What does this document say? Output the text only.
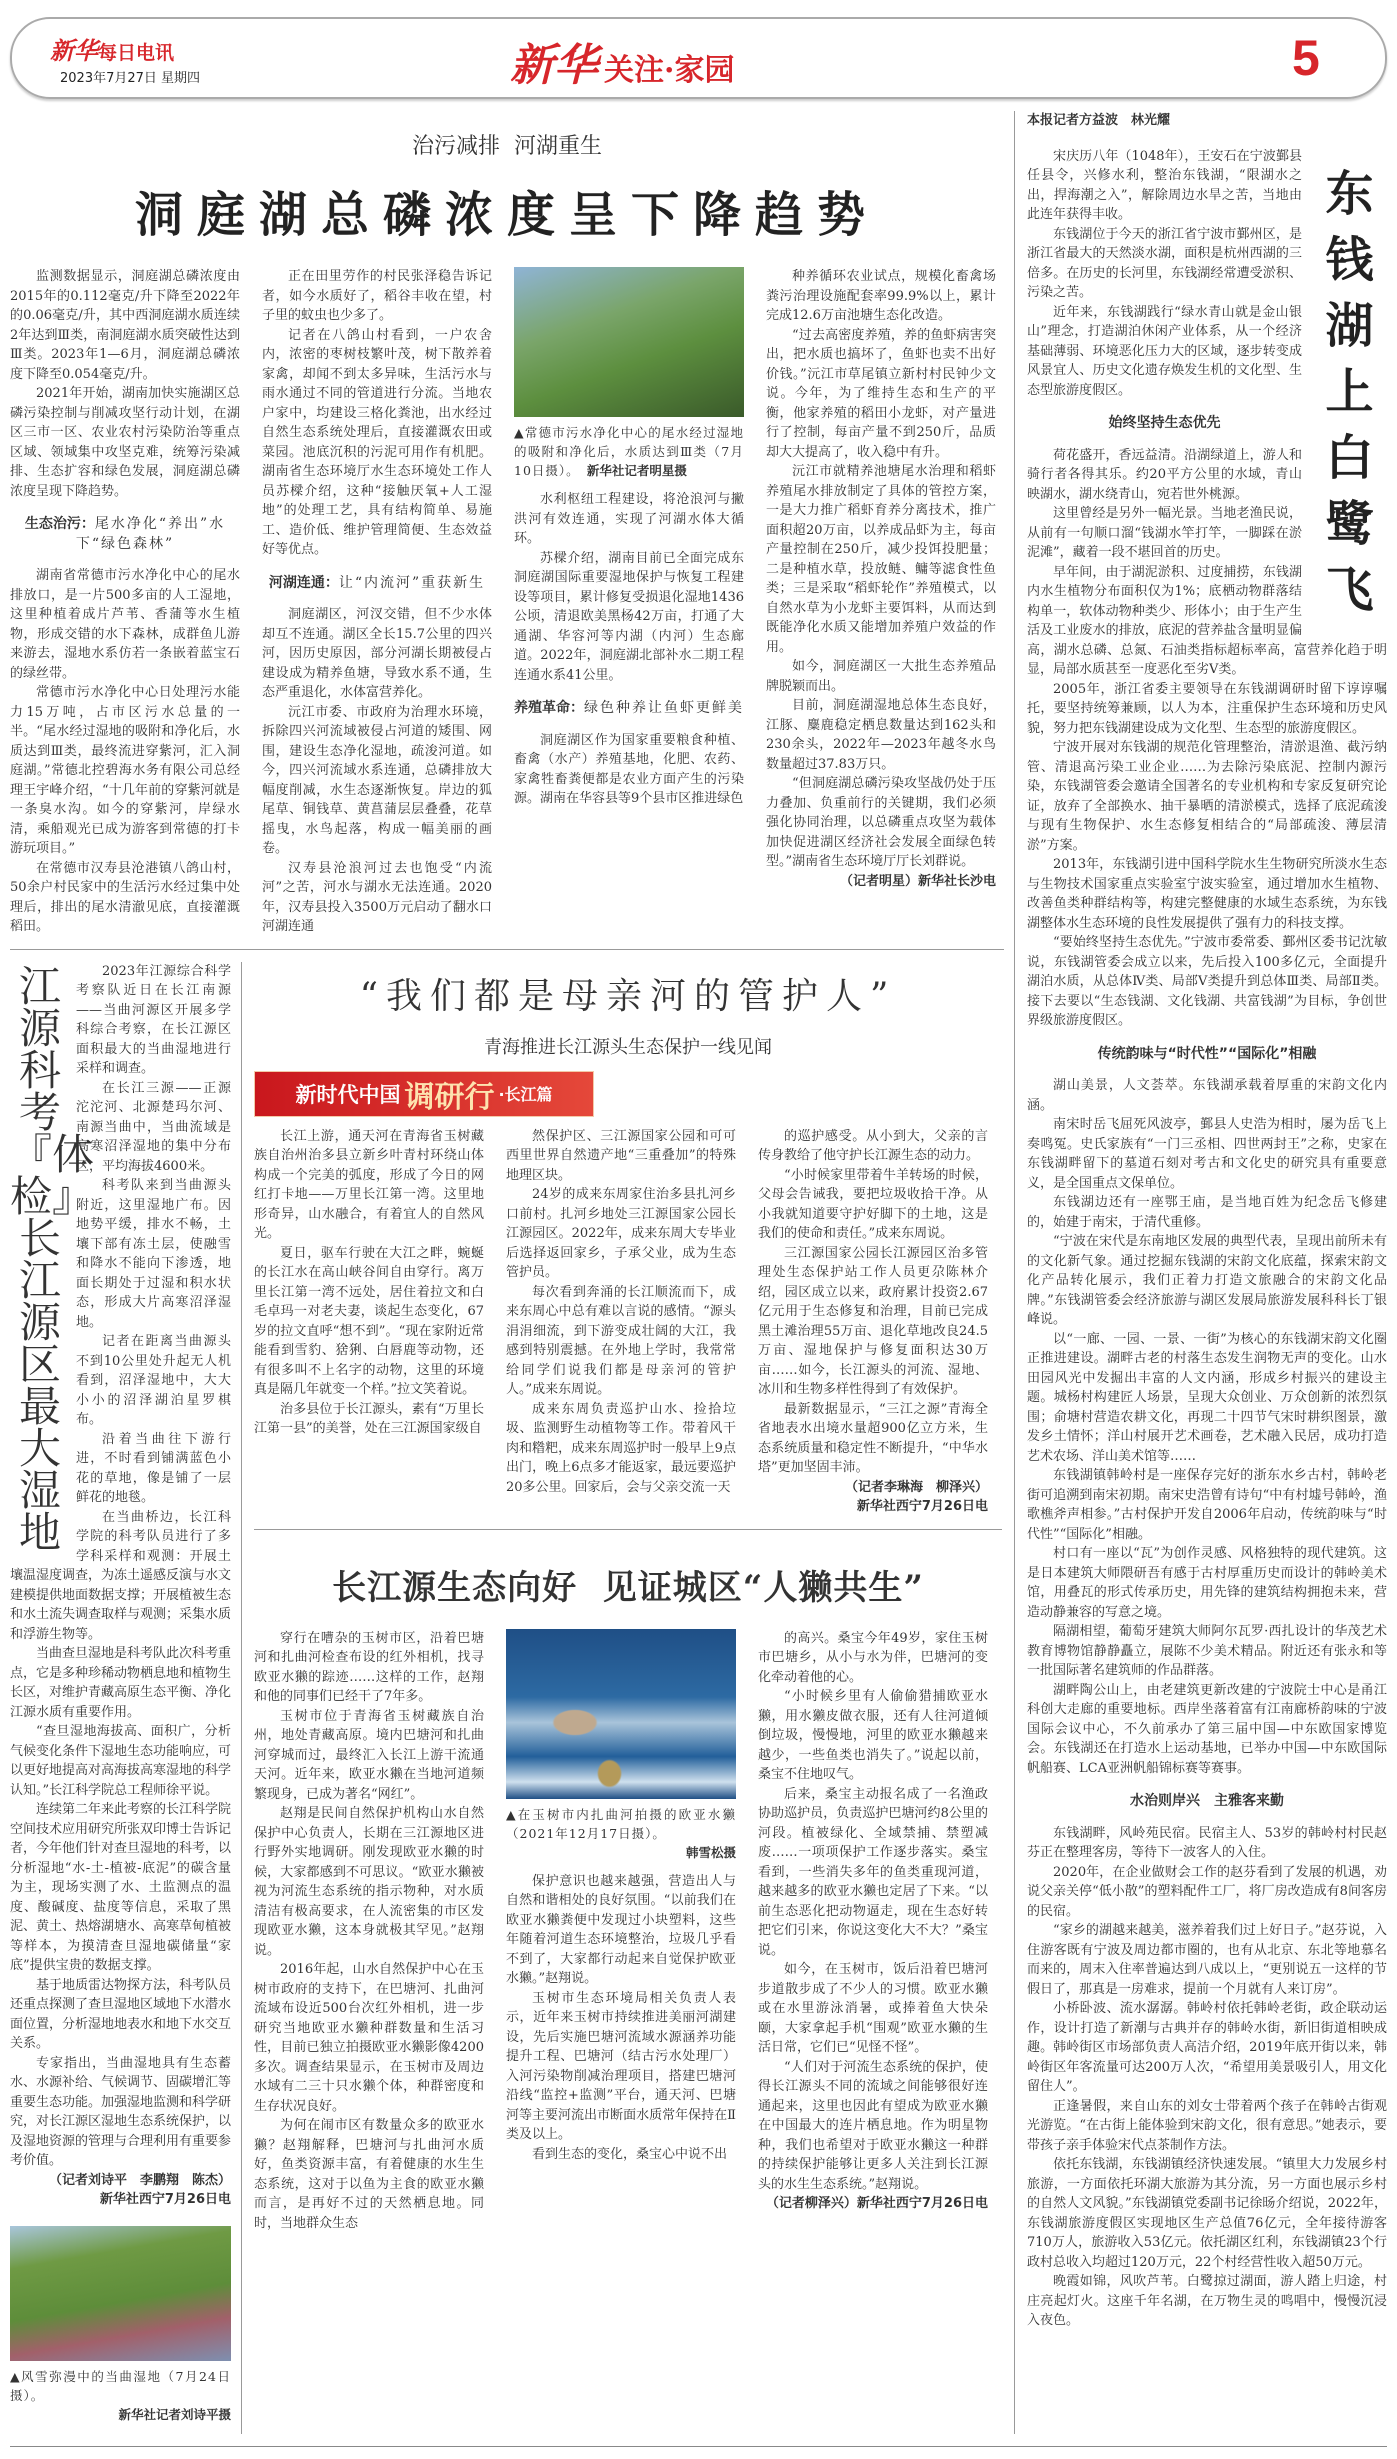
新华每日电讯
2023年7月27日 星期四	新华 关注·家园	5
治污减排  河湖重生
洞庭湖总磷浓度呈下降趋势

监测数据显示，洞庭湖总磷浓度由2015年的0.112毫克/升下降至2022年的0.06毫克/升，其中西洞庭湖水质连续2年达到Ⅲ类，南洞庭湖水质突破性达到Ⅲ类。2023年1—6月，洞庭湖总磷浓度下降至0.054毫克/升。

2021年开始，湖南加快实施湖区总磷污染控制与削减攻坚行动计划，在湖区三市一区、农业农村污染防治等重点区域、领域集中攻坚克难，统筹污染减排、生态扩容和绿色发展，洞庭湖总磷浓度呈现下降趋势。

生态治污：尾水净化“养出”水下“绿色森林”

湖南省常德市污水净化中心的尾水排放口，是一片500多亩的人工湿地，这里种植着成片芦苇、香蒲等水生植物，形成交错的水下森林，成群鱼儿游来游去，湿地水系仿若一条嵌着蓝宝石的绿丝带。

常德市污水净化中心日处理污水能力15万吨，占市区污水总量的一半。“尾水经过湿地的吸附和净化后，水质达到Ⅲ类，最终流进穿紫河，汇入洞庭湖。”常德北控碧海水务有限公司总经理王宇峰介绍，“十几年前的穿紫河就是一条臭水沟。如今的穿紫河，岸绿水清，乘船观光已成为游客到常德的打卡游玩项目。”

在常德市汉寿县沧港镇八鸽山村，50余户村民家中的生活污水经过集中处理后，排出的尾水清澈见底，直接灌溉稻田。

正在田里劳作的村民张泽稳告诉记者，如今水质好了，稻谷丰收在望，村子里的蚊虫也少多了。

记者在八鸽山村看到，一户农舍内，浓密的枣树枝繁叶茂，树下散养着家禽，却闻不到太多异味，生活污水与雨水通过不同的管道进行分流。当地农户家中，均建设三格化粪池，出水经过自然生态系统处理后，直接灌溉农田或菜园。池底沉积的污泥可用作有机肥。湖南省生态环境厅水生态环境处工作人员苏樑介绍，这种“接触厌氧+人工湿地”的处理工艺，具有结构简单、易施工、造价低、维护管理简便、生态效益好等优点。

河湖连通：让“内流河”重获新生

洞庭湖区，河汊交错，但不少水体却互不连通。湖区全长15.7公里的四兴河，因历史原因，部分河湖长期被侵占建设成为精养鱼塘，导致水系不通，生态严重退化，水体富营养化。

沅江市委、市政府为治理水环境，拆除四兴河流域被侵占河道的矮围、网围，建设生态净化湿地，疏浚河道。如今，四兴河流域水系连通，总磷排放大幅度削减，水生态逐渐恢复。岸边的狐尾草、铜钱草、黄菖蒲层层叠叠，花草摇曳，水鸟起落，构成一幅美丽的画卷。

汉寿县沧浪河过去也饱受“内流河”之苦，河水与湖水无法连通。2020年，汉寿县投入3500万元启动了翻水口河湖连通

▲常德市污水净化中心的尾水经过湿地的吸附和净化后，水质达到Ⅲ类（7月10日摄）。　 新华社记者明星摄

水利枢纽工程建设，将沧浪河与撇洪河有效连通，实现了河湖水体大循环。

苏樑介绍，湖南目前已全面完成东洞庭湖国际重要湿地保护与恢复工程建设等项目，累计修复受损退化湿地1436公顷，清退欧美黑杨42万亩，打通了大通湖、华容河等内湖（内河）生态廊道。2022年，洞庭湖北部补水二期工程连通水系41公里。

养殖革命：绿色种养让鱼虾更鲜美

洞庭湖区作为国家重要粮食种植、畜禽（水产）养殖基地，化肥、农药、家禽牲畜粪便都是农业方面产生的污染源。湖南在华容县等9个县市区推进绿色

种养循环农业试点，规模化畜禽场粪污治理设施配套率99.9%以上，累计完成12.6万亩池塘生态化改造。

“过去高密度养殖，养的鱼虾病害突出，把水质也搞坏了，鱼虾也卖不出好价钱。”沅江市草尾镇立新村村民钟少文说。今年，为了维持生态和生产的平衡，他家养殖的稻田小龙虾，对产量进行了控制，每亩产量不到250斤，品质却大大提高了，收入稳中有升。

沅江市就精养池塘尾水治理和稻虾养殖尾水排放制定了具体的管控方案，一是大力推广稻虾育养分离技术，推广面积超20万亩，以养成品虾为主，每亩产量控制在250斤，减少投饵投肥量；二是种植水草，投放鲢、鳙等滤食性鱼类；三是采取“稻虾轮作”养殖模式，以自然水草为小龙虾主要饵料，从而达到既能净化水质又能增加养殖户效益的作用。

如今，洞庭湖区一大批生态养殖品牌脱颖而出。

目前，洞庭湖湿地总体生态良好，江豚、麋鹿稳定栖息数量达到162头和230余头，2022年—2023年越冬水鸟数量超过37.83万只。

“但洞庭湖总磷污染攻坚战仍处于压力叠加、负重前行的关键期，我们必须强化协同治理，以总磷重点攻坚为载体加快促进湖区经济社会发展全面绿色转型。”湖南省生态环境厅厅长刘群说。

（记者明星）新华社长沙电
江源科考『体检』长江源区最大湿地

2023年江源综合科学考察队近日在长江南源——当曲河源区开展多学科综合考察，在长江源区面积最大的当曲湿地进行采样和调查。

在长江三源——正源沱沱河、北源楚玛尔河、南源当曲中，当曲流域是高寒沼泽湿地的集中分布区，平均海拔4600米。

科考队来到当曲源头附近，这里湿地广布。因地势平缓，排水不畅，土壤下部有冻土层，使融雪和降水不能向下渗透，地面长期处于过湿和积水状态，形成大片高寒沼泽湿地。

记者在距离当曲源头不到10公里处升起无人机看到，沼泽湿地中，大大小小的沼泽湖泊星罗棋布。

沿着当曲往下游行进，不时看到铺满蓝色小花的草地，像是铺了一层鲜花的地毯。

在当曲桥边，长江科学院的科考队员进行了多学科采样和观测：开展土壤温湿度调查，为冻土遥感反演与水文建模提供地面数据支撑；开展植被生态和水土流失调查取样与观测；采集水质和浮游生物等。

当曲查旦湿地是科考队此次科考重点，它是多种珍稀动物栖息地和植物生长区，对维护青藏高原生态平衡、净化江源水质有重要作用。

“查旦湿地海拔高、面积广，分析气候变化条件下湿地生态功能响应，可以更好地提高对高海拔高寒湿地的科学认知。”长江科学院总工程师徐平说。

连续第二年来此考察的长江科学院空间技术应用研究所张双印博士告诉记者，今年他们针对查旦湿地的科考，以分析湿地“水-土-植被-底泥”的碳含量为主，现场实测了水、土监测点的温度、酸碱度、盐度等信息，采取了黑泥、黄土、热熔湖塘水、高寒草甸植被等样本，为摸清查旦湿地碳储量“家底”提供宝贵的数据支撑。

基于地质雷达物探方法，科考队员还重点探测了查旦湿地区域地下水潜水面位置，分析湿地地表水和地下水交互关系。

专家指出，当曲湿地具有生态蓄水、水源补给、气候调节、固碳增汇等重要生态功能。加强湿地监测和科学研究，对长江源区湿地生态系统保护，以及湿地资源的管理与合理利用有重要参考价值。

（记者刘诗平　李鹏翔　陈杰）
新华社西宁7月26日电
▲风雪弥漫中的当曲湿地（7月24日摄）。
新华社记者刘诗平摄
“我们都是母亲河的管护人”
青海推进长江源头生态保护一线见闻
新时代中国 调研行 ·长江篇

长江上游，通天河在青海省玉树藏族自治州治多县立新乡叶青村环绕山体构成一个完美的弧度，形成了今日的网红打卡地——万里长江第一湾。这里地形奇异，山水融合，有着宜人的自然风光。

夏日，驱车行驶在大江之畔，蜿蜒的长江水在高山峡谷间自由穿行。离万里长江第一湾不远处，居住着拉文和白毛卓玛一对老夫妻，谈起生态变化，67岁的拉文直呼“想不到”。“现在家附近常能看到雪豹、猞猁、白唇鹿等动物，还有很多叫不上名字的动物，这里的环境真是隔几年就变一个样。”拉文笑着说。

治多县位于长江源头，素有“万里长江第一县”的美誉，处在三江源国家级自

然保护区、三江源国家公园和可可西里世界自然遗产地“三重叠加”的特殊地理区块。

24岁的成来东周家住治多县扎河乡口前村。扎河乡地处三江源国家公园长江源园区。2022年，成来东周大专毕业后选择返回家乡，子承父业，成为生态管护员。

每次看到奔涌的长江顺流而下，成来东周心中总有难以言说的感情。“源头涓涓细流，到下游变成壮阔的大江，我感到特别震撼。在外地上学时，我常常给同学们说我们都是母亲河的管护人。”成来东周说。

成来东周负责巡护山水、捡拾垃圾、监测野生动植物等工作。带着风干肉和糌粑，成来东周巡护时一般早上9点出门，晚上6点多才能返家，最远要巡护20多公里。回家后，会与父亲交流一天

的巡护感受。从小到大，父亲的言传身教给了他守护长江源生态的动力。

“小时候家里带着牛羊转场的时候，父母会告诫我，要把垃圾收拾干净。从小我就知道要守护好脚下的土地，这是我们的使命和责任。”成来东周说。

三江源国家公园长江源园区治多管理处生态保护站工作人员更尕陈林介绍，园区成立以来，政府累计投资2.67亿元用于生态修复和治理，目前已完成黑土滩治理55万亩、退化草地改良24.5万亩、湿地保护与修复面积达30万亩……如今，长江源头的河流、湿地、冰川和生物多样性得到了有效保护。

最新数据显示，“三江之源”青海全省地表水出境水量超900亿立方米，生态系统质量和稳定性不断提升，“中华水塔”更加坚固丰沛。

（记者李琳海　柳泽兴）
新华社西宁7月26日电
长江源生态向好  见证城区“人獭共生”

穿行在嘈杂的玉树市区，沿着巴塘河和扎曲河检查布设的红外相机，找寻欧亚水獭的踪迹……这样的工作，赵翔和他的同事们已经干了7年多。

玉树市位于青海省玉树藏族自治州，地处青藏高原。境内巴塘河和扎曲河穿城而过，最终汇入长江上游干流通天河。近年来，欧亚水獭在当地河道频繁现身，已成为著名“网红”。

赵翔是民间自然保护机构山水自然保护中心负责人，长期在三江源地区进行野外实地调研。刚发现欧亚水獭的时候，大家都感到不可思议。“欧亚水獭被视为河流生态系统的指示物种，对水质清洁有极高要求，在人流密集的市区发现欧亚水獭，这本身就极其罕见。”赵翔说。

2016年起，山水自然保护中心在玉树市政府的支持下，在巴塘河、扎曲河流域布设近500台次红外相机，进一步研究当地欧亚水獭种群数量和生活习性，目前已独立拍摄欧亚水獭影像4200多次。调查结果显示，在玉树市及周边水域有二三十只水獭个体，种群密度和生存状况良好。

为何在闹市区有数量众多的欧亚水獭？赵翔解释，巴塘河与扎曲河水质好，鱼类资源丰富，有着健康的水生生态系统，这对于以鱼为主食的欧亚水獭而言，是再好不过的天然栖息地。同时，当地群众生态

▲在玉树市内扎曲河拍摄的欧亚水獭（2021年12月17日摄）。
韩雪松摄

保护意识也越来越强，营造出人与自然和谐相处的良好氛围。“以前我们在欧亚水獭粪便中发现过小块塑料，这些年随着河道生态环境整治，垃圾几乎看不到了，大家都行动起来自觉保护欧亚水獭。”赵翔说。

玉树市生态环境局相关负责人表示，近年来玉树市持续推进美丽河湖建设，先后实施巴塘河流域水源涵养功能提升工程、巴塘河（结古污水处理厂）入河污染物削减治理项目，搭建巴塘河沿线“监控+监测”平台，通天河、巴塘河等主要河流出市断面水质常年保持在Ⅱ类及以上。

看到生态的变化，桑宝心中说不出

的高兴。桑宝今年49岁，家住玉树市巴塘乡，从小与水为伴，巴塘河的变化牵动着他的心。

“小时候乡里有人偷偷猎捕欧亚水獭，用水獭皮做衣服，还有人往河道倾倒垃圾，慢慢地，河里的欧亚水獭越来越少，一些鱼类也消失了。”说起以前，桑宝不住地叹气。

后来，桑宝主动报名成了一名渔政协助巡护员，负责巡护巴塘河约8公里的河段。植被绿化、全域禁捕、禁塑减废……一项项保护工作逐步落实。桑宝看到，一些消失多年的鱼类重现河道，越来越多的欧亚水獭也定居了下来。“以前生态恶化把动物逼走，现在生态好转把它们引来，你说这变化大不大？”桑宝说。

如今，在玉树市，饭后沿着巴塘河步道散步成了不少人的习惯。欧亚水獭或在水里游泳消暑，或捧着鱼大快朵颐，大家拿起手机“围观”欧亚水獭的生活日常，它们已“见怪不怪”。

“人们对于河流生态系统的保护，使得长江源头不同的流域之间能够很好连通起来，这里也因此有望成为欧亚水獭在中国最大的连片栖息地。作为明星物种，我们也希望对于欧亚水獭这一种群的持续保护能够让更多人关注到长江源头的水生生态系统。”赵翔说。

（记者柳泽兴）新华社西宁7月26日电
本报记者方益波　林光耀
东钱湖上白鹭飞

宋庆历八年（1048年），王安石在宁波鄞县任县令，兴修水利，整治东钱湖，“限湖水之出，捍海潮之入”，解除周边水旱之苦，当地由此连年获得丰收。

东钱湖位于今天的浙江省宁波市鄞州区，是浙江省最大的天然淡水湖，面积是杭州西湖的三倍多。在历史的长河里，东钱湖经常遭受淤积、污染之苦。

近年来，东钱湖践行“绿水青山就是金山银山”理念，打造湖泊休闲产业体系，从一个经济基础薄弱、环境恶化压力大的区域，逐步转变成风景宜人、历史文化遗存焕发生机的文化型、生态型旅游度假区。

始终坚持生态优先

荷花盛开，香远益清。沿湖绿道上，游人和骑行者各得其乐。约20平方公里的水域，青山映湖水，湖水绕青山，宛若世外桃源。

这里曾经是另外一幅光景。当地老渔民说，从前有一句顺口溜“钱湖水竿打竿，一脚踩在淤泥滩”，藏着一段不堪回首的历史。

早年间，由于湖泥淤积、过度捕捞，东钱湖内水生植物分布面积仅为1%；底栖动物群落结构单一，软体动物种类少、形体小；由于生产生活及工业废水的排放，底泥的营养盐含量明显偏高，湖水总磷、总氮、石油类指标超标率高，富营养化趋于明显，局部水质甚至一度恶化至劣Ⅴ类。

2005年，浙江省委主要领导在东钱湖调研时留下谆谆嘱托，要坚持统筹兼顾，以人为本，注重保护生态环境和历史风貌，努力把东钱湖建设成为文化型、生态型的旅游度假区。

宁波开展对东钱湖的规范化管理整治，清淤退渔、截污纳管、清退高污染工业企业……为去除污染底泥、控制内源污染，东钱湖管委会邀请全国著名的专业机构和专家反复研究论证，放弃了全部换水、抽干暴晒的清淤模式，选择了底泥疏浚与现有生物保护、水生态修复相结合的“局部疏浚、薄层清淤”方案。

2013年，东钱湖引进中国科学院水生生物研究所淡水生态与生物技术国家重点实验室宁波实验室，通过增加水生植物、改善鱼类种群结构等，构建完整健康的水域生态系统，为东钱湖整体水生态环境的良性发展提供了强有力的科技支撑。

“要始终坚持生态优先。”宁波市委常委、鄞州区委书记沈敏说，东钱湖管委会成立以来，先后投入100多亿元，全面提升湖泊水质，从总体Ⅳ类、局部Ⅴ类提升到总体Ⅲ类、局部Ⅱ类。接下去要以“生态钱湖、文化钱湖、共富钱湖”为目标，争创世界级旅游度假区。

传统韵味与“时代性”“国际化”相融

湖山美景，人文荟萃。东钱湖承载着厚重的宋韵文化内涵。

南宋时岳飞屈死风波亭，鄞县人史浩为相时，屡为岳飞上奏鸣冤。史氏家族有“一门三丞相、四世两封王”之称，史家在东钱湖畔留下的墓道石刻对考古和文化史的研究具有重要意义，是全国重点文保单位。

东钱湖边还有一座鄂王庙，是当地百姓为纪念岳飞修建的，始建于南宋，于清代重修。

“宁波在宋代是东南地区发展的典型代表，呈现出前所未有的文化新气象。通过挖掘东钱湖的宋韵文化底蕴，探索宋韵文化产品转化展示，我们正着力打造文旅融合的宋韵文化品牌。”东钱湖管委会经济旅游与湖区发展局旅游发展科科长丁银峰说。

以“一廊、一园、一景、一街”为核心的东钱湖宋韵文化圈正推进建设。湖畔古老的村落生态发生润物无声的变化。山水田园风光中发掘出丰富的人文内涵，形成乡村振兴的建设主题。城杨村构建匠人场景，呈现大众创业、万众创新的浓烈氛围；俞塘村营造农耕文化，再现二十四节气宋时耕织图景，激发乡土情怀；洋山村展开艺术画卷，艺术融入民居，成功打造艺术农场、洋山美术馆等……

东钱湖镇韩岭村是一座保存完好的浙东水乡古村，韩岭老街可追溯到南宋初期。南宋史浩曾有诗句“中有村墟号韩岭，渔歌樵斧声相参。”古村保护开发自2006年启动，传统韵味与“时代性”“国际化”相融。

村口有一座以“瓦”为创作灵感、风格独特的现代建筑。这是日本建筑大师隈研吾有感于古村厚重历史而设计的韩岭美术馆，用叠瓦的形式传承历史，用先锋的建筑结构拥抱未来，营造动静兼容的写意之境。

隔湖相望，葡萄牙建筑大师阿尔瓦罗·西扎设计的华茂艺术教育博物馆静静矗立，展陈不少美术精品。附近还有张永和等一批国际著名建筑师的作品群落。

湖畔陶公山上，由老建筑更新改建的宁波院士中心是甬江科创大走廊的重要地标。西岸坐落着富有江南廊桥韵味的宁波国际会议中心，不久前承办了第三届中国—中东欧国家博览会。东钱湖还在打造水上运动基地，已举办中国—中东欧国际帆船赛、LCA亚洲帆船锦标赛等赛事。

水治则岸兴　主雅客来勤

东钱湖畔，风岭苑民宿。民宿主人、53岁的韩岭村村民赵芬正在整理客房，等待下一波客人的入住。

2020年，在企业做财会工作的赵芬看到了发展的机遇，劝说父亲关停“低小散”的塑料配件工厂，将厂房改造成有8间客房的民宿。

“家乡的湖越来越美，滋养着我们过上好日子。”赵芬说，入住游客既有宁波及周边都市圈的，也有从北京、东北等地慕名而来的，周末入住率普遍达到八成以上，“更别说五一这样的节假日了，那真是一房难求，提前一个月就有人来订房”。

小桥卧波、流水潺潺。韩岭村依托韩岭老街，政企联动运作，设计打造了新潮与古典并存的韩岭水街，新旧街道相映成趣。韩岭街区市场部负责人高洁介绍，2019年底开街以来，韩岭街区年客流量可达200万人次，“希望用美景吸引人，用文化留住人”。

正逢暑假，来自山东的刘女士带着两个孩子在韩岭古街观光游览。“在古街上能体验到宋韵文化，很有意思。”她表示，要带孩子亲手体验宋代点茶制作方法。

依托东钱湖，东钱湖镇经济快速发展。“镇里大力发展乡村旅游，一方面依托环湖大旅游为其分流，另一方面也展示乡村的自然人文风貌。”东钱湖镇党委副书记徐旸介绍说，2022年，东钱湖旅游度假区实现地区生产总值76亿元，全年接待游客710万人，旅游收入53亿元。依托湖区红利，东钱湖镇23个行政村总收入均超过120万元，22个村经营性收入超50万元。

晚霞如锦，风吹芦苇。白鹭掠过湖面，游人踏上归途，村庄亮起灯火。这座千年名湖，在万物生灵的鸣唱中，慢慢沉浸入夜色。
